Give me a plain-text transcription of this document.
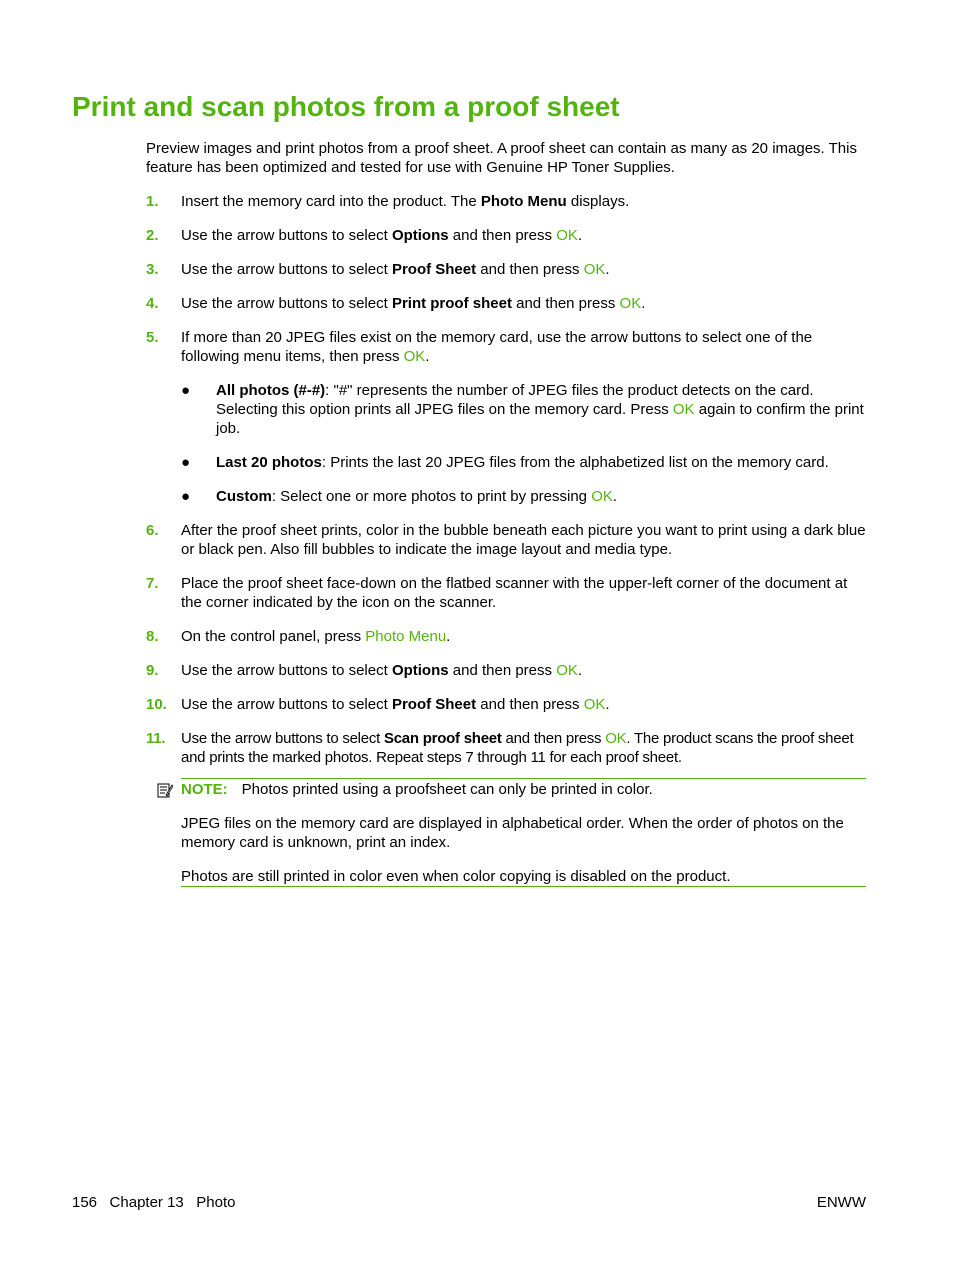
Print and scan photos from a proof sheet

Preview images and print photos from a proof sheet. A proof sheet can contain as many as 20 images. This feature has been optimized and tested for use with Genuine HP Toner Supplies.

1. Insert the memory card into the product. The Photo Menu displays.
2. Use the arrow buttons to select Options and then press OK.
3. Use the arrow buttons to select Proof Sheet and then press OK.
4. Use the arrow buttons to select Print proof sheet and then press OK.
5. If more than 20 JPEG files exist on the memory card, use the arrow buttons to select one of the following menu items, then press OK.
● All photos (#-#): "#" represents the number of JPEG files the product detects on the card. Selecting this option prints all JPEG files on the memory card. Press OK again to confirm the print job.
● Last 20 photos: Prints the last 20 JPEG files from the alphabetized list on the memory card.
● Custom: Select one or more photos to print by pressing OK.
6. After the proof sheet prints, color in the bubble beneath each picture you want to print using a dark blue or black pen. Also fill bubbles to indicate the image layout and media type.
7. Place the proof sheet face-down on the flatbed scanner with the upper-left corner of the document at the corner indicated by the icon on the scanner.
8. On the control panel, press Photo Menu.
9. Use the arrow buttons to select Options and then press OK.
10. Use the arrow buttons to select Proof Sheet and then press OK.
11. Use the arrow buttons to select Scan proof sheet and then press OK. The product scans the proof sheet and prints the marked photos. Repeat steps 7 through 11 for each proof sheet.
NOTE: Photos printed using a proofsheet can only be printed in color.

JPEG files on the memory card are displayed in alphabetical order. When the order of photos on the memory card is unknown, print an index.

Photos are still printed in color even when color copying is disabled on the product.

156 Chapter 13 Photo	ENWW
